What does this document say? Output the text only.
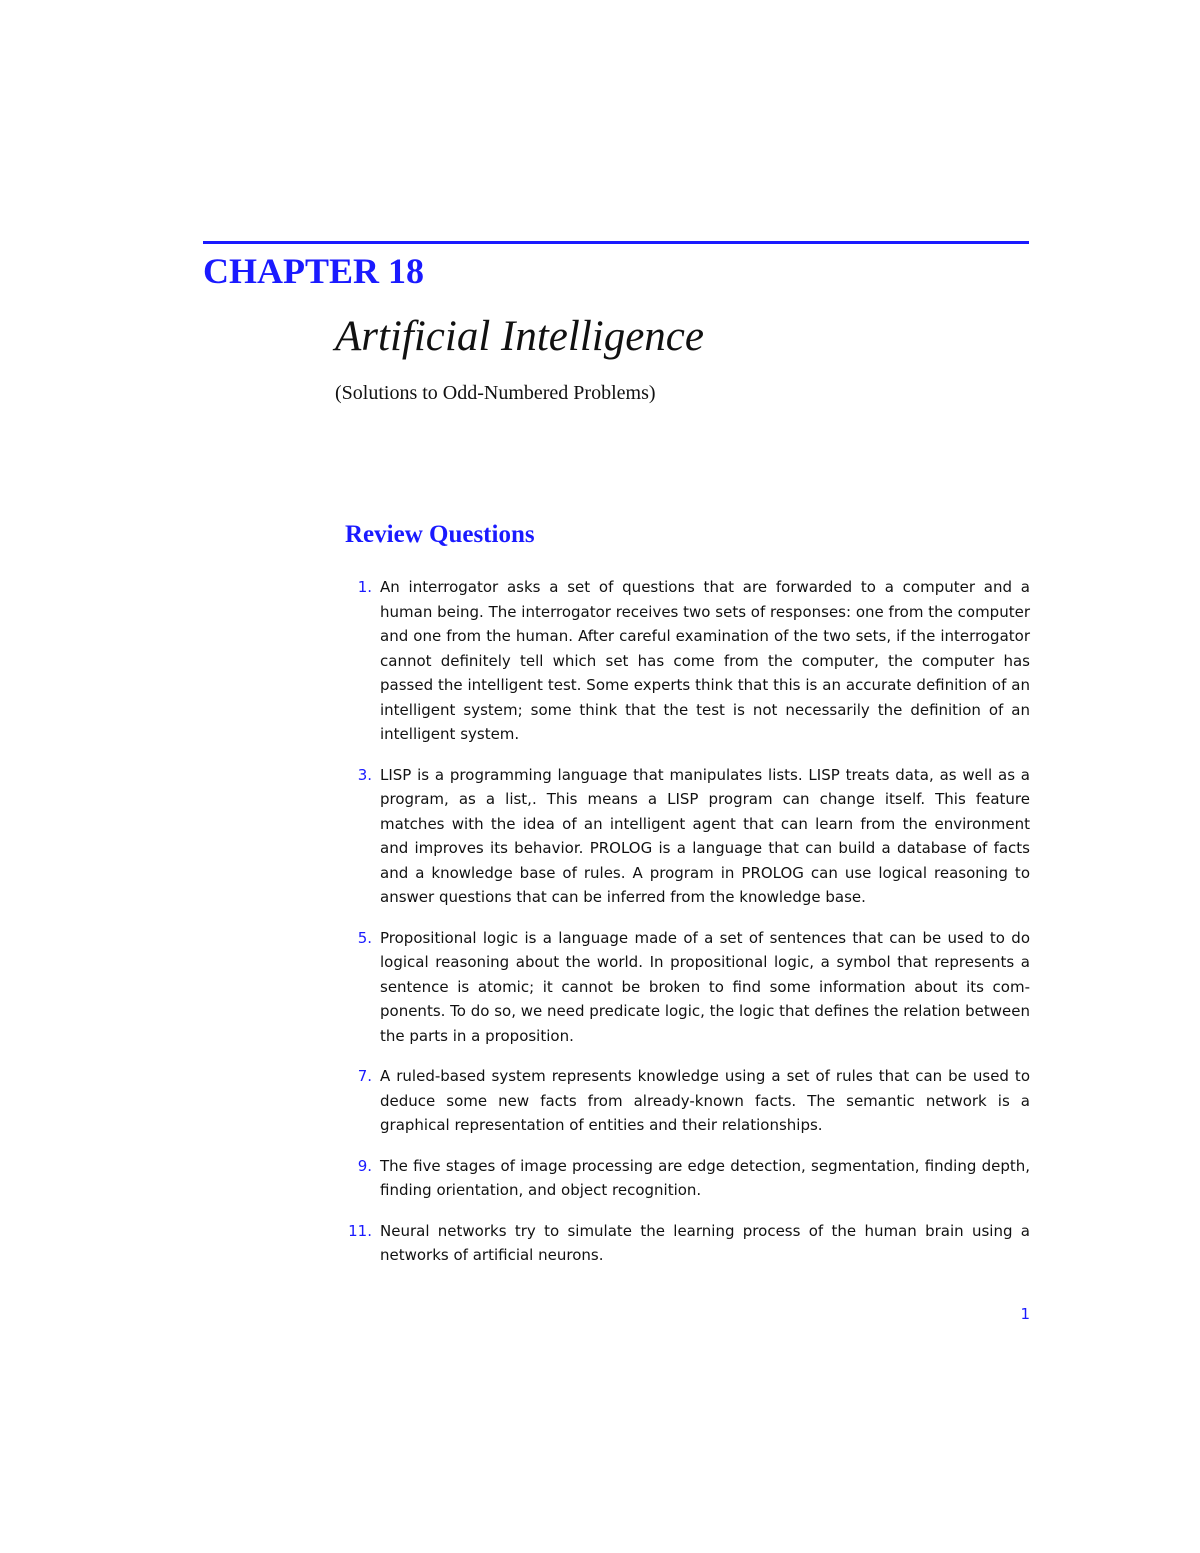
CHAPTER 18
Artificial Intelligence
(Solutions to Odd-Numbered Problems)
Review Questions
1. An interrogator asks a set of questions that are forwarded to a computer and a human being. The interrogator receives two sets of responses: one from the computer and one from the human. After careful examination of the two sets, if the interrogator cannot definitely tell which set has come from the computer, the computer has passed the intelligent test. Some experts think that this is an accurate definition of an intelligent system; some think that the test is not necessarily the definition of an intelligent system.
3. LISP is a programming language that manipulates lists. LISP treats data, as well as a program, as a list,. This means a LISP program can change itself. This feature matches with the idea of an intelligent agent that can learn from the environment and improves its behavior. PROLOG is a language that can build a database of facts and a knowledge base of rules. A program in PROLOG can use logical reasoning to answer questions that can be inferred from the knowledge base.
5. Propositional logic is a language made of a set of sentences that can be used to do logical reasoning about the world. In propositional logic, a symbol that represents a sentence is atomic; it cannot be broken to find some information about its components. To do so, we need predicate logic, the logic that defines the relation between the parts in a proposition.
7. A ruled-based system represents knowledge using a set of rules that can be used to deduce some new facts from already-known facts. The semantic network is a graphical representation of entities and their relationships.
9. The five stages of image processing are edge detection, segmentation, finding depth, finding orientation, and object recognition.
11. Neural networks try to simulate the learning process of the human brain using a networks of artificial neurons.
1
